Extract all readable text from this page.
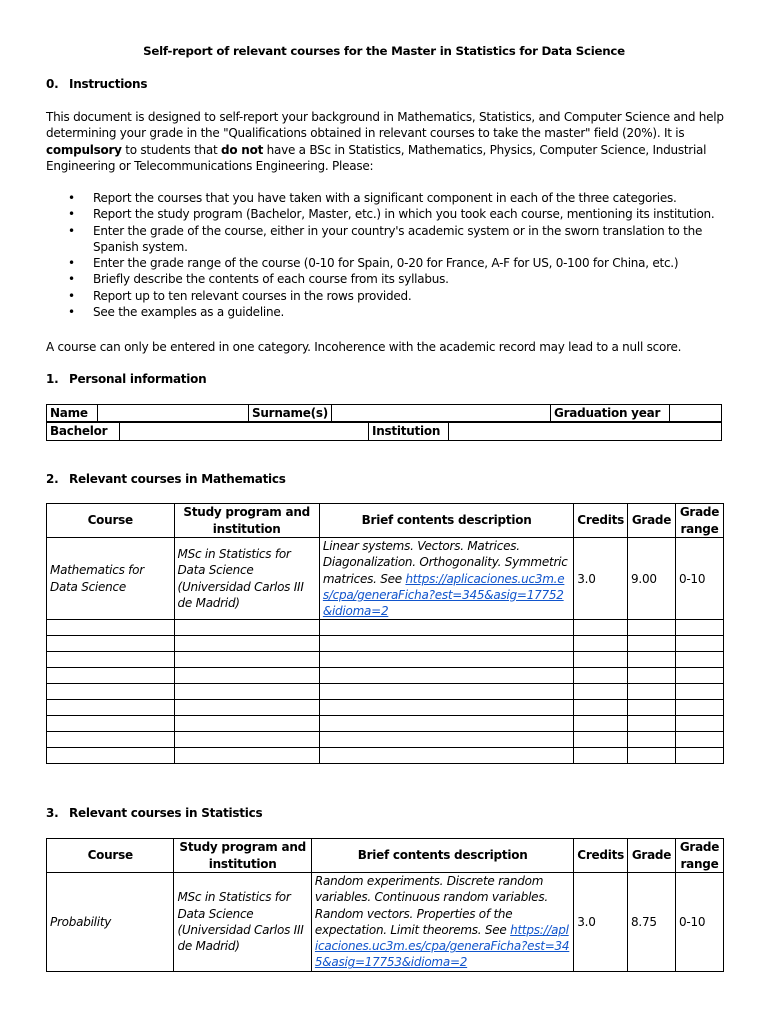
Self-report of relevant courses for the Master in Statistics for Data Science
0. Instructions
This document is designed to self-report your background in Mathematics, Statistics, and Computer Science and help determining your grade in the "Qualifications obtained in relevant courses to take the master" field (20%). It is compulsory to students that do not have a BSc in Statistics, Mathematics, Physics, Computer Science, Industrial Engineering or Telecommunications Engineering. Please:
• Report the courses that you have taken with a significant component in each of the three categories.
• Report the study program (Bachelor, Master, etc.) in which you took each course, mentioning its institution.
• Enter the grade of the course, either in your country's academic system or in the sworn translation to the Spanish system.
• Enter the grade range of the course (0-10 for Spain, 0-20 for France, A-F for US, 0-100 for China, etc.)
• Briefly describe the contents of each course from its syllabus.
• Report up to ten relevant courses in the rows provided.
• See the examples as a guideline.
A course can only be entered in one category. Incoherence with the academic record may lead to a null score.
1. Personal information
Name		Surname(s)		Graduation year	

Bachelor		Institution	
2. Relevant courses in Mathematics
Course	Study program and institution	Brief contents description	Credits	Grade	Grade range
Mathematics for Data Science	MSc in Statistics for Data Science (Universidad Carlos III de Madrid)	Linear systems. Vectors. Matrices. Diagonalization. Orthogonality. Symmetric matrices. See https://aplicaciones.uc3m.es/cpa/generaFicha?est=345&asig=17752&idioma=2	3.0	9.00	0-10

3. Relevant courses in Statistics
Course	Study program and institution	Brief contents description	Credits	Grade	Grade range
Probability	MSc in Statistics for Data Science (Universidad Carlos III de Madrid)	Random experiments. Discrete random variables. Continuous random variables. Random vectors. Properties of the expectation. Limit theorems. See https://aplicaciones.uc3m.es/cpa/generaFicha?est=345&asig=17753&idioma=2	3.0	8.75	0-10
